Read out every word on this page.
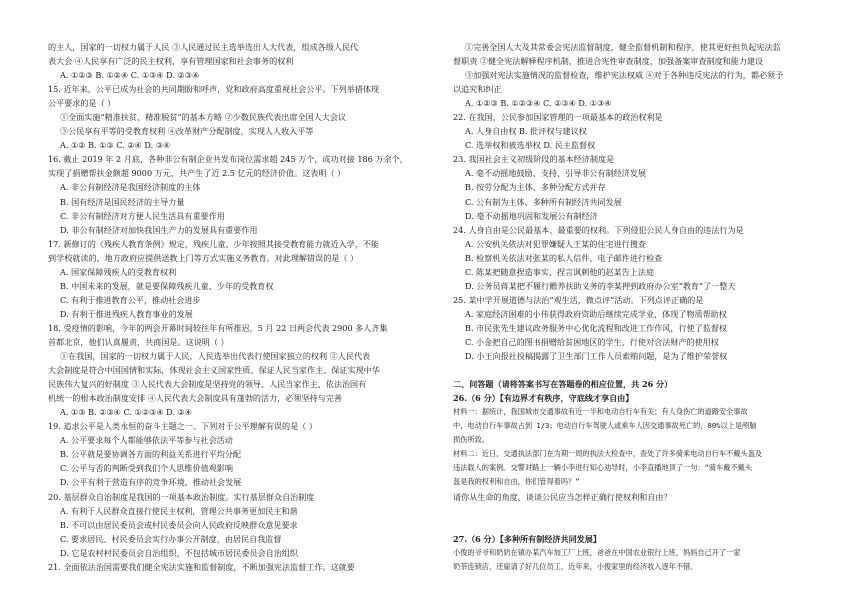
的主人，国家的一切权力属于人民 ③人民通过民主选举选出人大代表，组成各级人民代
表大会 ④人民享有广泛的民主权利，享有管理国家和社会事务的权利
A. ①②③ B. ①②④ C. ①③④ D. ②③④
15. 近年来，公平已成为社会的共同期盼和呼声，党和政府高度重视社会公平。下列举措体现
公平要求的是（ ）
①全面实施“精准扶贫、精准脱贫”的基本方略 ②少数民族代表出席全国人大会议
③公民享有平等的受教育权利 ④改革财产分配制度，实现人人收入平等
A. ①② B. ①③ C. ②④ D. ③④
16. 截止 2019 年 2 月底，各种非公有制企业共发布岗位需求超 245 万个，成功对接 186 万余个，
实现了捐赠帮扶金额超 9000 万元，共产生了近 2.5 亿元的经济价值。这表明（ ）
A. 非公有制经济是我国经济制度的主体
B. 国有经济是国民经济的主导力量
C. 非公有制经济对方便人民生活具有重要作用
D. 非公有制经济对加快我国生产力的发展具有重要作用
17. 新修订的《残疾人教育条例》规定，残疾儿童、少年按照其接受教育能力就近入学，不能
到学校就读的，地方政府应提供送教上门等方式实施义务教育。对此理解错误的是（ ）
A. 国家保障残疾人的受教育权利
B. 中国未来的发展，就是要保障残疾儿童、少年的受教育权
C. 有利于推进教育公平，推动社会进步
D. 有利于推进残疾人教育事业的发展
18. 受疫情的影响，今年的两会开幕时间较往年有所推迟，5 月 22 日两会代表 2900 多人齐集
首都北京，他们认真履责，共商国是。这说明（ ）
①在我国，国家的一切权力属于人民，人民选举出代表行使国家独立的权利 ②人民代表
大会制度是符合中国国情和实际，体现社会主义国家性质、保证人民当家作主、保证实现中华
民族伟大复兴的好制度 ③人民代表大会制度是坚持党的领导、人民当家作主、依法治国有
机统一的根本政治制度安排 ④人民代表大会制度具有蓬勃的活力，必须坚持与完善
A. ①③ B. ②③④ C. ①②③④ D. ②④
19. 追求公平是人类永恒的奋斗主题之一。下列对于公平理解有误的是（ ）
A. 公平要求每个人都能够依法平等参与社会活动
B. 公平就是要协调各方面的利益关系进行平均分配
C. 公平与否的判断受到我们个人思维价值观影响
D. 公平有利于营造有序的竞争环境，推动社会发展
20. 基层群众自治制度是我国的一项基本政治制度。实行基层群众自治制度
A. 有利于人民群众直接行使民主权利，管理公共事务更加民主和谐
B. 不可以由居民委员会或村民委员会向人民政府反映群众意见要求
C. 要求居民、村民委员会实行办事公开制度，由居民自我监督
D. 它是农村村民委员会自治组织，不包括城市居民委员会自治组织
21. 全面依法治国需要我们健全宪法实施和监督制度，不断加强宪法监督工作。这就要
①完善全国人大及其常委会宪法监督制度，健全监督机制和程序，使其更好担负起宪法监
督职责 ②健全宪法解释程序机制，推进合宪性审查制度，加强备案审查制度和能力建设
③加强对宪法实施情况的监督检查，维护宪法权威 ④对于各种违反宪法的行为，都必须予
以追究和纠正
A. ①②③ B. ①②③④ C. ②③④ D. ①③④
22. 在我国，公民参加国家管理的一项最基本的政治权利是
A. 人身自由权 B. 批评权与建议权
C. 选举权和被选举权 D. 民主监督权
23. 我国社会主义初级阶段的基本经济制度是
A. 毫不动摇地鼓励、支持、引导非公有制经济发展
B. 按劳分配为主体、多种分配方式并存
C. 公有制为主体、多种所有制经济共同发展
D. 毫不动摇地巩固和发展公有制经济
24. 人身自由是公民最基本、最重要的权利。下列侵犯公民人身自由的违法行为是
A. 公安机关依法对犯罪嫌疑人王某的住宅进行搜查
B. 检察机关依法对张某的私人信件、电子邮件进行检查
C. 陈某把随意捏造事实、捏言讽刺他的赵某告上法庭
D. 公务员蒋某把不履行赡养扶助义务的李某押到政府办公室“教育”了一整天
25. 某中学开展道德与法治“观生活，微点评”活动。下列点评正确的是
A. 家庭经济困难的小伟获得政府资助后继续完成学业，体现了物质帮助权
B. 市民张先生建议政务服务中心优化流程和改进工作作风，行使了监督权
C. 小金把自己的图书捐赠给贫困地区的学生，行使对合法财产的使用权
D. 小王向报社投稿揭露了卫生部门工作人员索贿问题，是为了维护荣誉权
二、问答题（请将答案书写在答题卷的相应位置，共 26 分）
26.（6 分）【有边界才有秩序，守底线才享自由】
材料一：据统计，我国城市交通事故有近一半和电动自行车有关；有人身伤亡的道路安全事故
中，电动自行车事故占到 1/3；电动自行车驾驶人或乘车人因交通事故死亡的，80%以上是颅脑
损伤所致。
材料二：近日，交通执法部门在为期一周的执法大检查中，查处了许多骑乘电动自行车不戴头盔及
违法载人的案例。交警对路上一辆小李进行知心劝导时，小李直播地顶了一句：“骑车戴不戴头
盔是我的权利和自由，你们管得着吗？”
请你从生命的角度，谈谈公民应当怎样正确行使权利和自由？
27.（6 分）【多种所有制经济共同发展】
小俊的爷爷和奶奶在镇办某汽车加工厂上班，爸爸在中国农业银行上班，妈妈自己开了一家
奶茶连锁店，还雇请了好几位员工，近年来，小俊家里的经济收入逐年不错。
